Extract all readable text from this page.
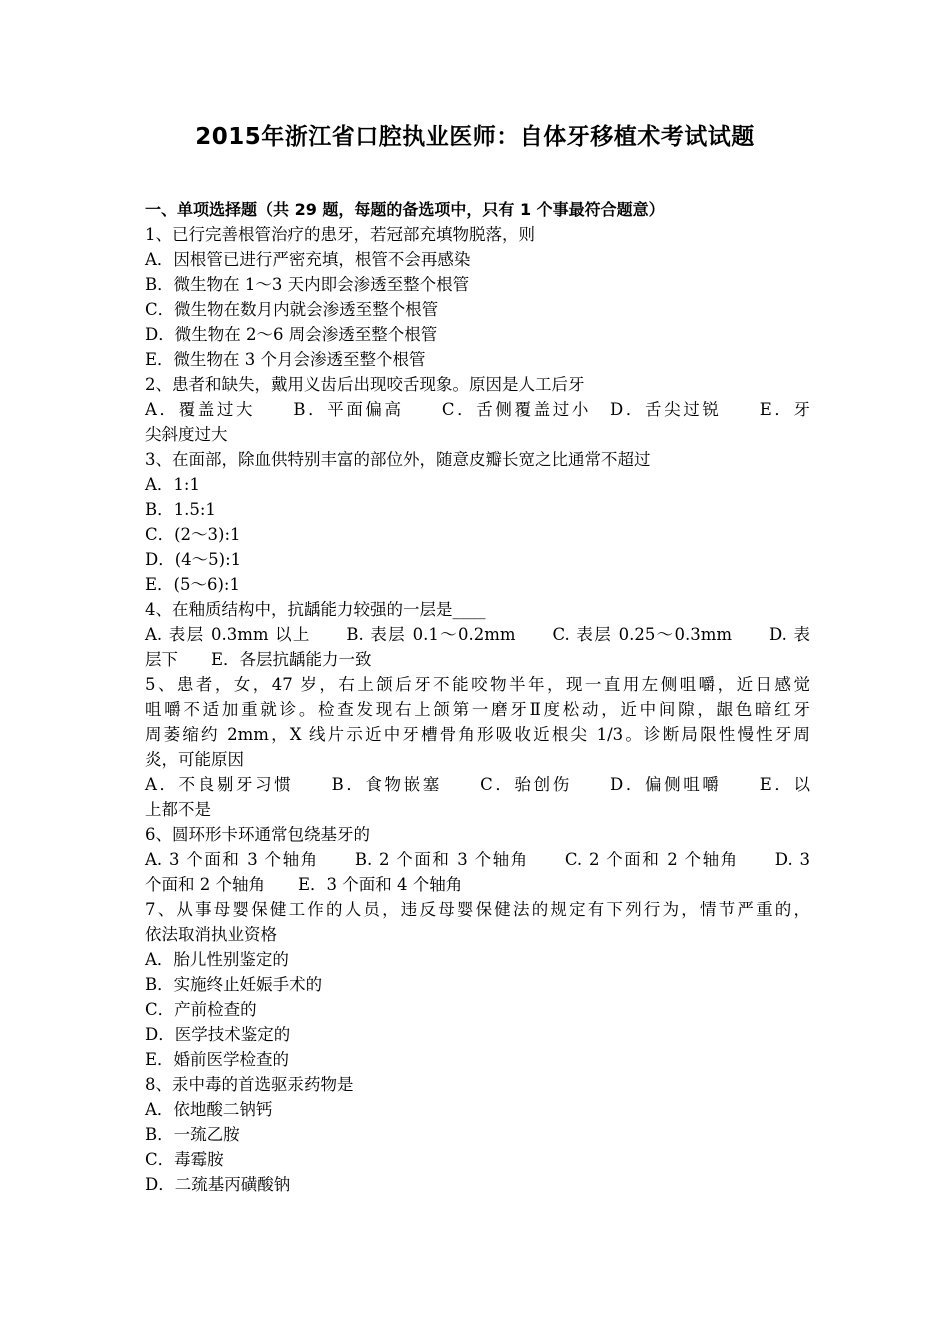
2015年浙江省口腔执业医师：自体牙移植术考试试题
一、单项选择题（共 29 题，每题的备选项中，只有 1 个事最符合题意）
1、已行完善根管治疗的患牙，若冠部充填物脱落，则
A．因根管已进行严密充填，根管不会再感染
B．微生物在 1～3 天内即会渗透至整个根管
C．微生物在数月内就会渗透至整个根管
D．微生物在 2～6 周会渗透至整个根管
E．微生物在 3 个月会渗透至整个根管
2、患者和缺失，戴用义齿后出现咬舌现象。原因是人工后牙
A．覆盖过大　　B．平面偏高　　C．舌侧覆盖过小　D．舌尖过锐　　E．牙
尖斜度过大
3、在面部，除血供特别丰富的部位外，随意皮瓣长宽之比通常不超过
A．1:1
B．1.5:1
C．(2～3):1
D．(4～5):1
E．(5～6):1
4、在釉质结构中，抗龋能力较强的一层是____
A. 表层 0.3mm 以上　　B. 表层 0.1～0.2mm　　C. 表层 0.25～0.3mm　　D. 表
层下　　E．各层抗龋能力一致
5、患者，女，47 岁，右上颌后牙不能咬物半年，现一直用左侧咀嚼，近日感觉
咀嚼不适加重就诊。检查发现右上颌第一磨牙Ⅱ度松动，近中间隙，龈色暗红牙
周萎缩约 2mm，X 线片示近中牙槽骨角形吸收近根尖 1/3。诊断局限性慢性牙周
炎，可能原因
A．不良剔牙习惯　　B．食物嵌塞　　C．骀创伤　　D．偏侧咀嚼　　E．以
上都不是
6、圆环形卡环通常包绕基牙的
A. 3 个面和 3 个轴角　　B. 2 个面和 3 个轴角　　C. 2 个面和 2 个轴角　　D. 3
个面和 2 个轴角　　E．3 个面和 4 个轴角
7、从事母婴保健工作的人员，违反母婴保健法的规定有下列行为，情节严重的，
依法取消执业资格
A．胎儿性别鉴定的
B．实施终止妊娠手术的
C．产前检查的
D．医学技术鉴定的
E．婚前医学检查的
8、汞中毒的首选驱汞药物是
A．依地酸二钠钙
B．一巯乙胺
C．毒霉胺
D．二巯基丙磺酸钠
